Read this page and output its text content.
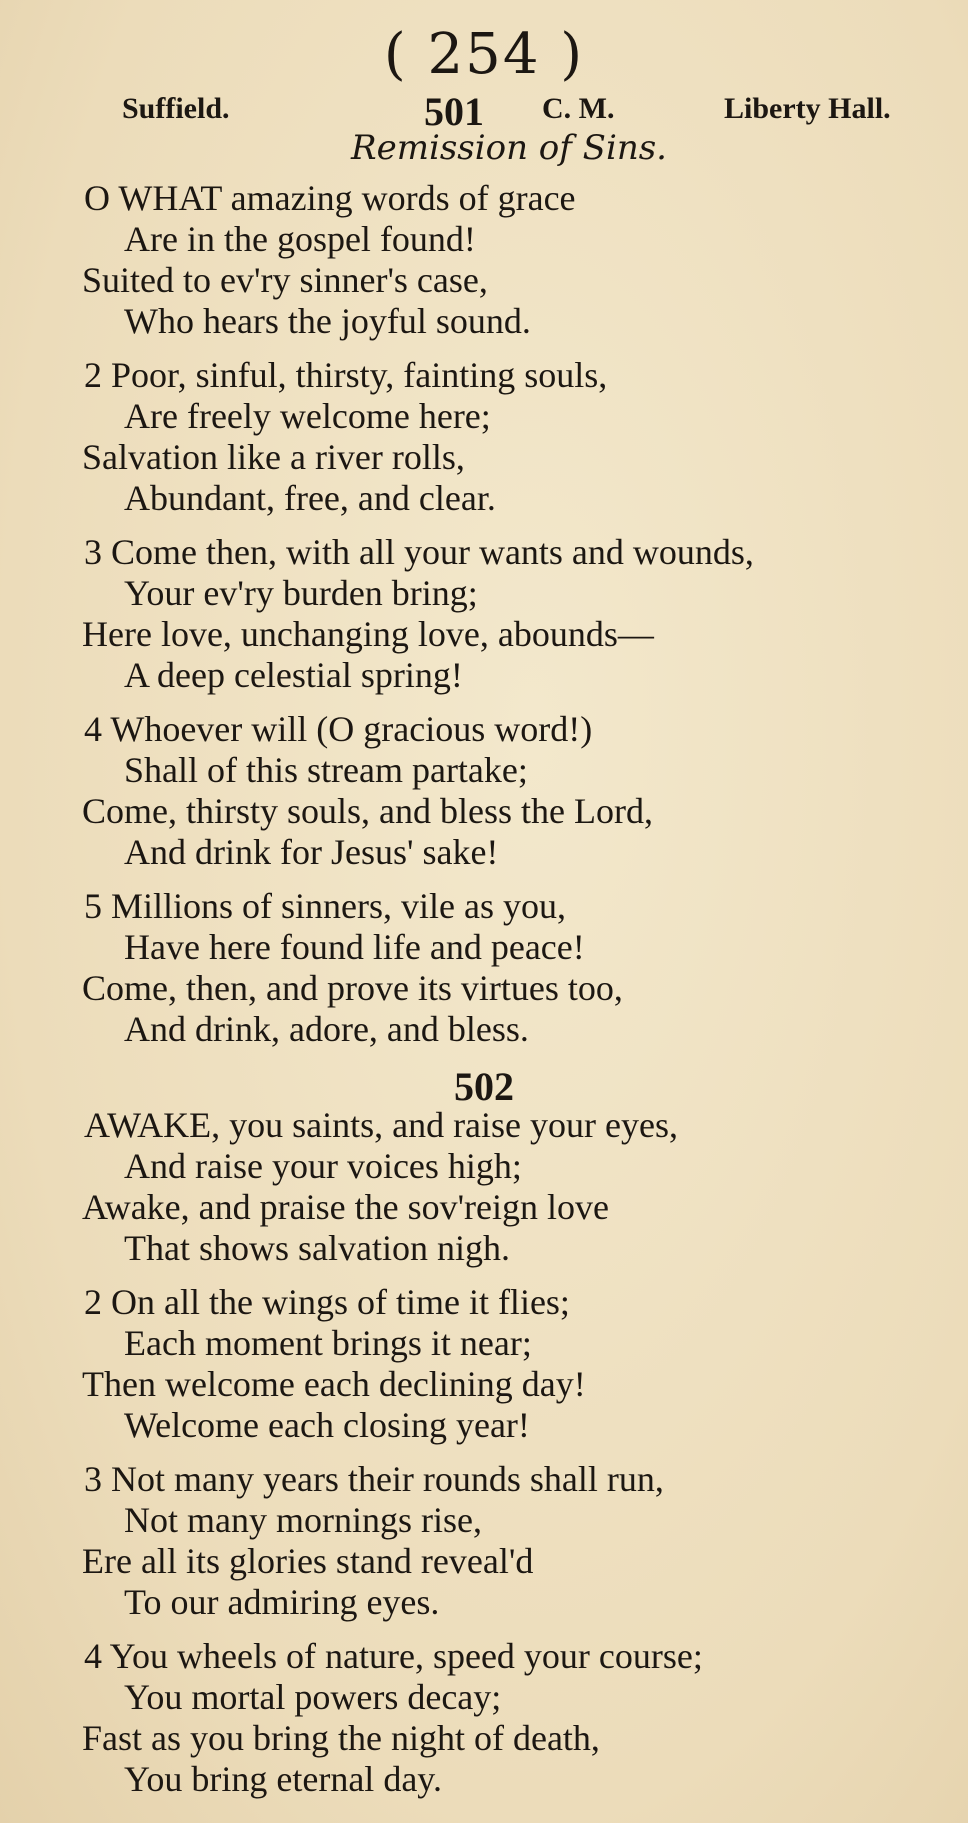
( 254 )
Suffield.	501 C. M.	Liberty Hall.
Remission of Sins.
502
O WHAT amazing words of grace
Are in the gospel found!
Suited to ev'ry sinner's case,
Who hears the joyful sound.
2 Poor, sinful, thirsty, fainting souls,
Are freely welcome here;
Salvation like a river rolls,
Abundant, free, and clear.
3 Come then, with all your wants and wounds,
Your ev'ry burden bring;
Here love, unchanging love, abounds—
A deep celestial spring!
4 Whoever will (O gracious word!)
Shall of this stream partake;
Come, thirsty souls, and bless the Lord,
And drink for Jesus' sake!
5 Millions of sinners, vile as you,
Have here found life and peace!
Come, then, and prove its virtues too,
And drink, adore, and bless.
AWAKE, you saints, and raise your eyes,
And raise your voices high;
Awake, and praise the sov'reign love
That shows salvation nigh.
2 On all the wings of time it flies;
Each moment brings it near;
Then welcome each declining day!
Welcome each closing year!
3 Not many years their rounds shall run,
Not many mornings rise,
Ere all its glories stand reveal'd
To our admiring eyes.
4 You wheels of nature, speed your course;
You mortal powers decay;
Fast as you bring the night of death,
You bring eternal day.
